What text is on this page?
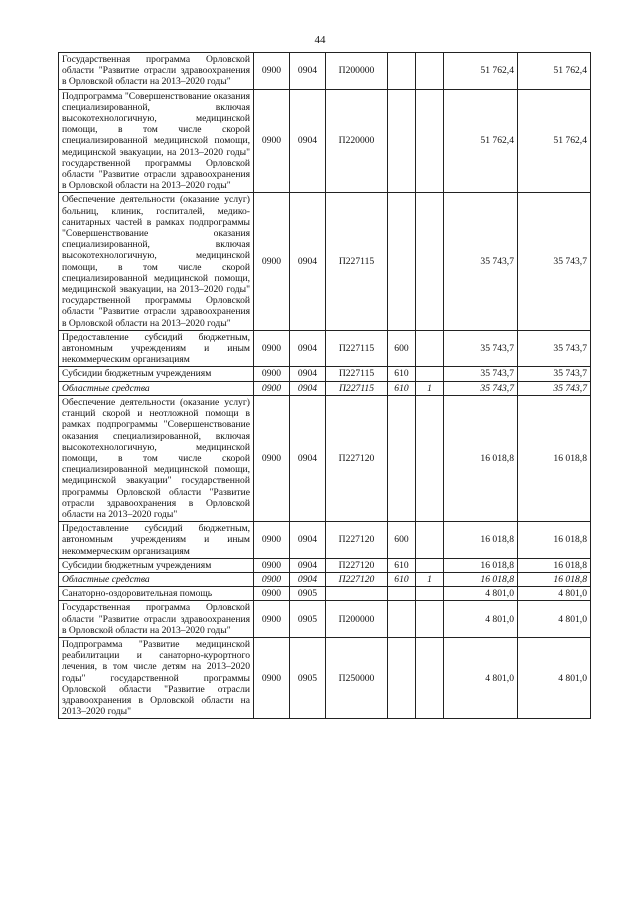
44
Государственная программа Орловской области "Развитие отрасли здравоохранения в Орловской области на 2013–2020 годы"	0900	0904	П200000			51 762,4	51 762,4
Подпрограмма "Совершенствование оказания специализированной, включая высокотехнологичную, медицинской помощи, в том числе скорой специализированной медицинской помощи, медицинской эвакуации, на 2013–2020 годы" государственной программы Орловской области "Развитие отрасли здравоохранения в Орловской области на 2013–2020 годы"	0900	0904	П220000			51 762,4	51 762,4
Обеспечение деятельности (оказание услуг) больниц, клиник, госпиталей, медико-санитарных частей в рамках подпрограммы "Совершенствование оказания специализированной, включая высокотехнологичную, медицинской помощи, в том числе скорой специализированной медицинской помощи, медицинской эвакуации, на 2013–2020 годы" государственной программы Орловской области "Развитие отрасли здравоохранения в Орловской области на 2013–2020 годы"	0900	0904	П227115			35 743,7	35 743,7
Предоставление субсидий бюджетным, автономным учреждениям и иным некоммерческим организациям	0900	0904	П227115	600		35 743,7	35 743,7
Субсидии бюджетным учреждениям	0900	0904	П227115	610		35 743,7	35 743,7
Областные средства	0900	0904	П227115	610	1	35 743,7	35 743,7
Обеспечение деятельности (оказание услуг) станций скорой и неотложной помощи в рамках подпрограммы "Совершенствование оказания специализированной, включая высокотехнологичную, медицинской помощи, в том числе скорой специализированной медицинской помощи, медицинской эвакуации" государственной программы Орловской области "Развитие отрасли здравоохранения в Орловской области на 2013–2020 годы"	0900	0904	П227120			16 018,8	16 018,8
Предоставление субсидий бюджетным, автономным учреждениям и иным некоммерческим организациям	0900	0904	П227120	600		16 018,8	16 018,8
Субсидии бюджетным учреждениям	0900	0904	П227120	610		16 018,8	16 018,8
Областные средства	0900	0904	П227120	610	1	16 018,8	16 018,8
Санаторно-оздоровительная помощь	0900	0905				4 801,0	4 801,0
Государственная программа Орловской области "Развитие отрасли здравоохранения в Орловской области на 2013–2020 годы"	0900	0905	П200000			4 801,0	4 801,0
Подпрограмма "Развитие медицинской реабилитации и санаторно-курортного лечения, в том числе детям на 2013–2020 годы" государственной программы Орловской области "Развитие отрасли здравоохранения в Орловской области на 2013–2020 годы"	0900	0905	П250000			4 801,0	4 801,0
